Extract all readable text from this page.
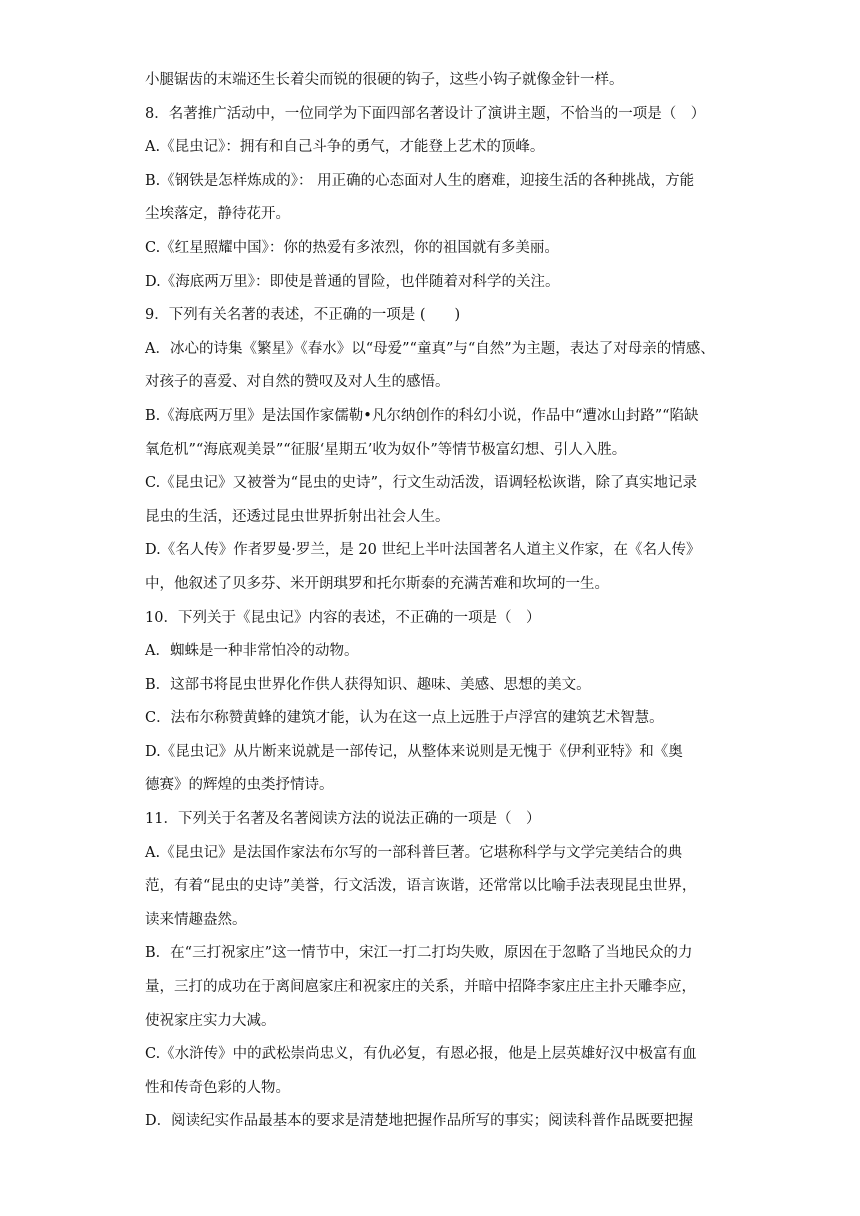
小腿锯齿的末端还生长着尖而锐的很硬的钩子，这些小钩子就像金针一样。
8．名著推广活动中，一位同学为下面四部名著设计了演讲主题，不恰当的一项是（　）
A.《昆虫记》：拥有和自己斗争的勇气，才能登上艺术的顶峰。
B.《钢铁是怎样炼成的》： 用正确的心态面对人生的磨难，迎接生活的各种挑战，方能
尘埃落定，静待花开。
C.《红星照耀中国》：你的热爱有多浓烈，你的祖国就有多美丽。
D.《海底两万里》：即使是普通的冒险，也伴随着对科学的关注。
9．下列有关名著的表述，不正确的一项是 (　　)
A．冰心的诗集《繁星》《春水》以“母爱”“童真”与“自然”为主题，表达了对母亲的情感、
对孩子的喜爱、对自然的赞叹及对人生的感悟。
B.《海底两万里》是法国作家儒勒•凡尔纳创作的科幻小说，作品中“遭冰山封路”“陷缺
氧危机”“海底观美景”“征服‘星期五’收为奴仆”等情节极富幻想、引人入胜。
C.《昆虫记》又被誉为“昆虫的史诗”，行文生动活泼，语调轻松诙谐，除了真实地记录
昆虫的生活，还透过昆虫世界折射出社会人生。
D.《名人传》作者罗曼·罗兰，是 20 世纪上半叶法国著名人道主义作家，在《名人传》
中，他叙述了贝多芬、米开朗琪罗和托尔斯泰的充满苦难和坎坷的一生。
10．下列关于《昆虫记》内容的表述，不正确的一项是（　）
A．蜘蛛是一种非常怕冷的动物。
B．这部书将昆虫世界化作供人获得知识、趣味、美感、思想的美文。
C．法布尔称赞黄蜂的建筑才能，认为在这一点上远胜于卢浮宫的建筑艺术智慧。
D.《昆虫记》从片断来说就是一部传记，从整体来说则是无愧于《伊利亚特》和《奥
德赛》的辉煌的虫类抒情诗。
11．下列关于名著及名著阅读方法的说法正确的一项是（　）
A.《昆虫记》是法国作家法布尔写的一部科普巨著。它堪称科学与文学完美结合的典
范，有着“昆虫的史诗”美誉，行文活泼，语言诙谐，还常常以比喻手法表现昆虫世界，
读来情趣盎然。
B．在“三打祝家庄”这一情节中，宋江一打二打均失败，原因在于忽略了当地民众的力
量，三打的成功在于离间扈家庄和祝家庄的关系，并暗中招降李家庄庄主扑天雕李应，
使祝家庄实力大减。
C.《水浒传》中的武松崇尚忠义，有仇必复，有恩必报，他是上层英雄好汉中极富有血
性和传奇色彩的人物。
D．阅读纪实作品最基本的要求是清楚地把握作品所写的事实；阅读科普作品既要把握
